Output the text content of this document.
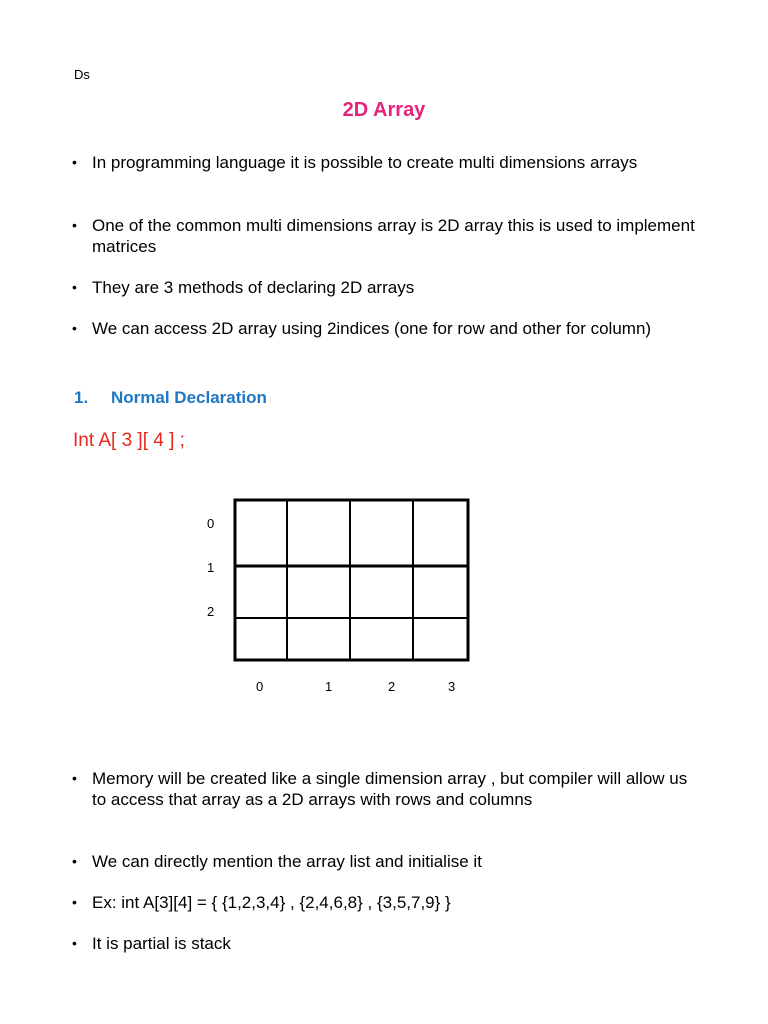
Ds
2D Array
• In programming language it is possible to create multi dimensions arrays
• One of the common multi dimensions array is 2D array this is used to implement matrices
• They are 3 methods of declaring 2D arrays
• We can access 2D array using 2indices (one for row and other for column)
1.	Normal Declaration
Int A[ 3 ][ 4 ] ;
0
1
2
0	1	2	3
• Memory will be created like a single dimension array , but compiler will allow us to access that array as a 2D arrays with rows and columns
• We can directly mention the array list and initialise it
• Ex: int A[3][4] = { {1,2,3,4} , {2,4,6,8} , {3,5,7,9} }
• It is partial is stack
